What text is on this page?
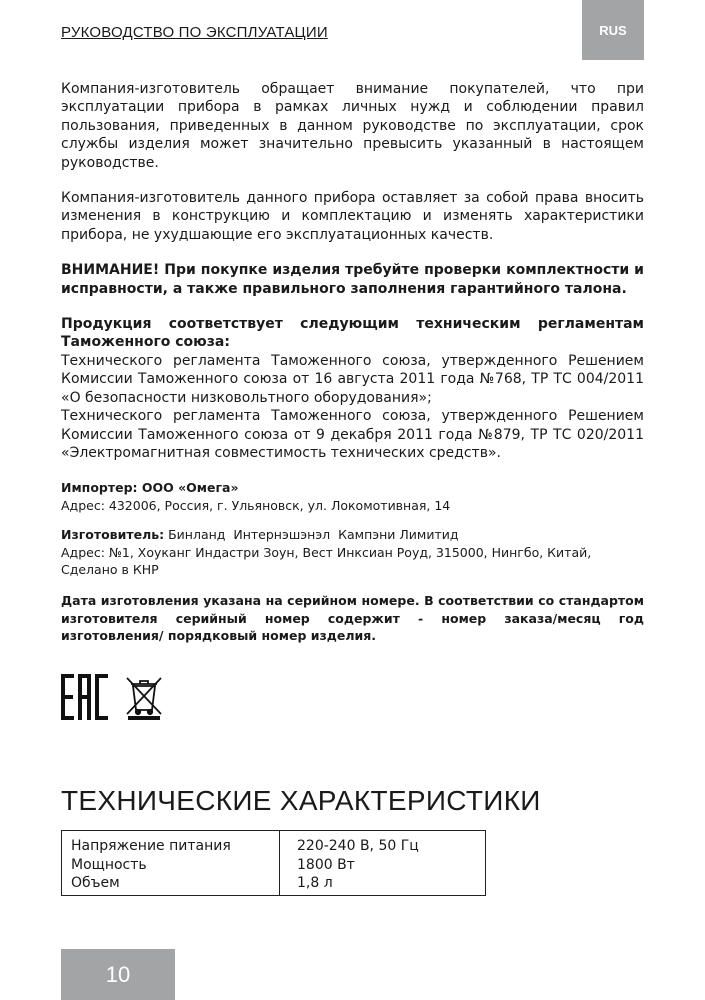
РУКОВОДСТВО ПО ЭКСПЛУАТАЦИИ	RUS

Компания-изготовитель обращает внимание покупателей, что при эксплуатации прибора в рамках личных нужд и соблюдении правил пользования, приведенных в данном руководстве по эксплуатации, срок службы изделия может значительно превысить указанный в настоящем руководстве.

Компания-изготовитель данного прибора оставляет за собой права вносить изменения в конструкцию и комплектацию и изменять характеристики прибора, не ухудшающие его эксплуатационных качеств.

ВНИМАНИЕ! При покупке изделия требуйте проверки комплектности и исправности, а также правильного заполнения гарантийного талона.

Продукция соответствует следующим техническим регламентам Таможенного союза:

Технического регламента Таможенного союза, утвержденного Решением Комиссии Таможенного союза от 16 августа 2011 года №768, ТР ТС 004/2011 «О безопасности низковольтного оборудования»;

Технического регламента Таможенного союза, утвержденного Решением Комиссии Таможенного союза от 9 декабря 2011 года №879, ТР ТС 020/2011 «Электромагнитная совместимость технических средств».

Импортер: ООО «Омега»
Адрес: 432006, Россия, г. Ульяновск, ул. Локомотивная, 14
Изготовитель: Бинланд  Интернэшэнэл  Кампэни Лимитид
Адрес: №1, Хоуканг Индастри Зоун, Вест Инксиан Роуд, 315000, Нингбо, Китай,
Сделано в КНР

Дата изготовления указана на серийном номере. В соответствии со стандартом изготовителя серийный номер содержит - номер заказа/месяц год изготовления/ порядковый номер изделия.

ТЕХНИЧЕСКИЕ ХАРАКТЕРИСТИКИ
Напряжение питания
Мощность
Объем
220-240 В, 50 Гц
1800 Вт
1,8 л
10
